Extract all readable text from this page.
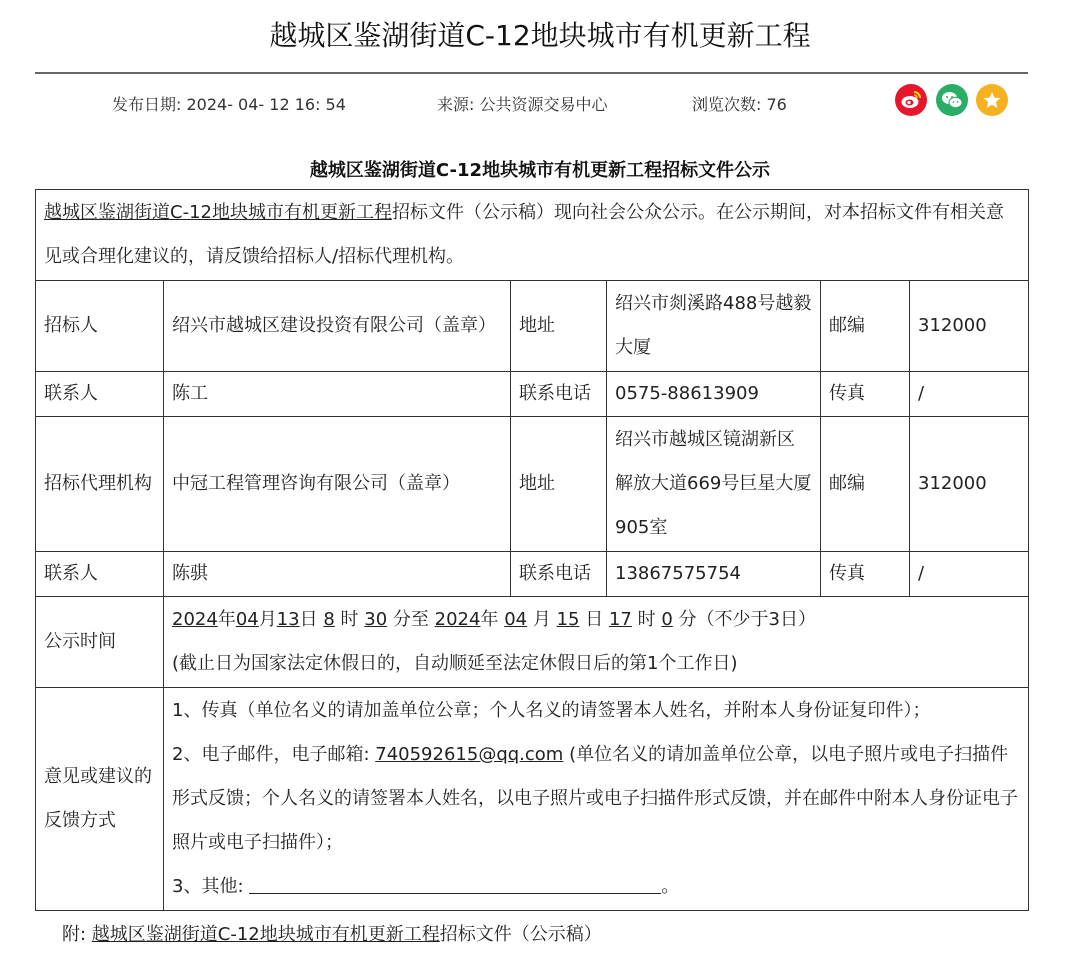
越城区鉴湖街道C-12地块城市有机更新工程
发布日期: 2024- 04- 12 16: 54	来源: 公共资源交易中心	浏览次数: 76
越城区鉴湖街道C-12地块城市有机更新工程招标文件公示
越城区鉴湖街道C-12地块城市有机更新工程招标文件（公示稿）现向社会公众公示。在公示期间，对本招标文件有相关意见或合理化建议的，请反馈给招标人/招标代理机构。					
招标人	绍兴市越城区建设投资有限公司（盖章）	地址	绍兴市剡溪路488号越毅大厦	邮编	312000
联系人	陈工	联系电话	0575-88613909	传真	/
招标代理机构	中冠工程管理咨询有限公司（盖章）	地址	绍兴市越城区镜湖新区解放大道669号巨星大厦905室	邮编	312000
联系人	陈骐	联系电话	13867575754	传真	/
公示时间	2024年04月13日 8 时 30 分至 2024年 04 月 15 日 17 时 0 分（不少于3日）
(截止日为国家法定休假日的，自动顺延至法定休假日后的第1个工作日)				

意见或建议的反馈方式	1、传真（单位名义的请加盖单位公章；个人名义的请签署本人姓名，并附本人身份证复印件）；
2、电子邮件，电子邮箱: 740592615@qq.com (单位名义的请加盖单位公章，以电子照片或电子扫描件形式反馈；个人名义的请签署本人姓名，以电子照片或电子扫描件形式反馈，并在邮件中附本人身份证电子照片或电子扫描件）；
3、其他: 。				
附: 越城区鉴湖街道C-12地块城市有机更新工程招标文件（公示稿）
